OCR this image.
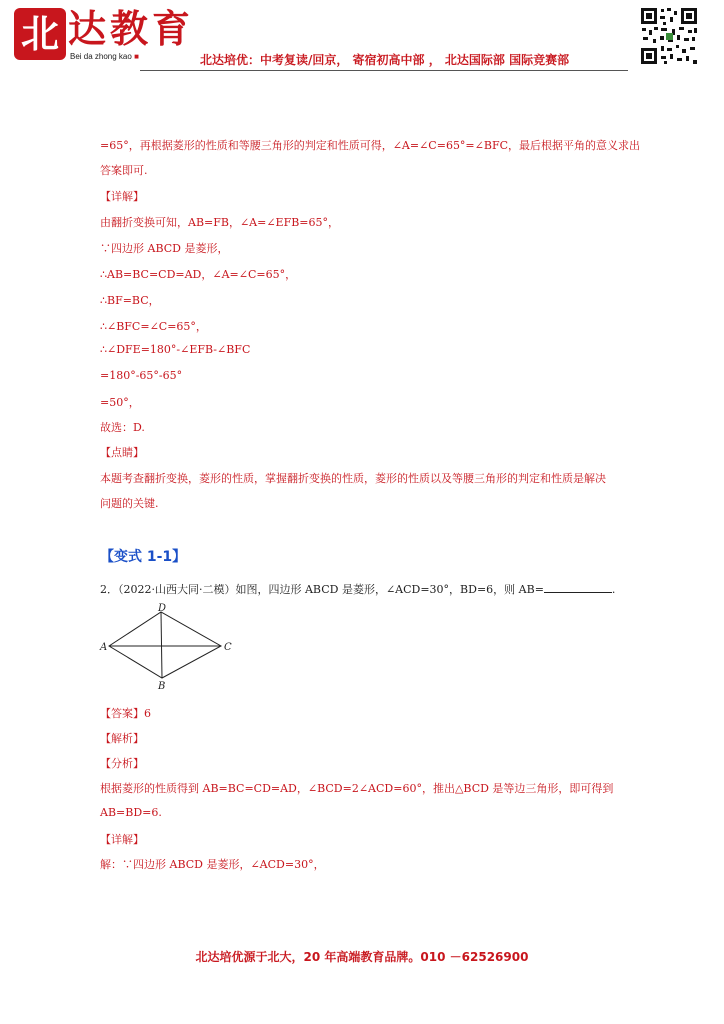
北 达教育
Bei da zhong kao ■	北达培优：中考复读/回京， 寄宿初高中部 ， 北达国际部 国际竞赛部
=65°，再根据菱形的性质和等腰三角形的判定和性质可得，∠A=∠C=65°=∠BFC，最后根据平角的意义求出
答案即可.
【详解】
由翻折变换可知，AB=FB，∠A=∠EFB=65°，
∵四边形 ABCD 是菱形，
∴AB=BC=CD=AD，∠A=∠C=65°，
∴BF=BC，
∴∠BFC=∠C=65°，
∴∠DFE=180°-∠EFB-∠BFC
=180°-65°-65°
=50°，
故选：D.
【点睛】
本题考查翻折变换，菱形的性质，掌握翻折变换的性质，菱形的性质以及等腰三角形的判定和性质是解决
问题的关键.
【变式 1-1】
2．（2022·山西大同·二模）如图，四边形 ABCD 是菱形，∠ACD=30°，BD=6，则 AB=	.
A	C
D
B
【答案】6
【解析】
【分析】
根据菱形的性质得到 AB=BC=CD=AD，∠BCD=2∠ACD=60°，推出△BCD 是等边三角形，即可得到
AB=BD=6.
【详解】
解：∵四边形 ABCD 是菱形，∠ACD=30°，
北达培优源于北大，20 年高端教育品牌。010 －62526900
